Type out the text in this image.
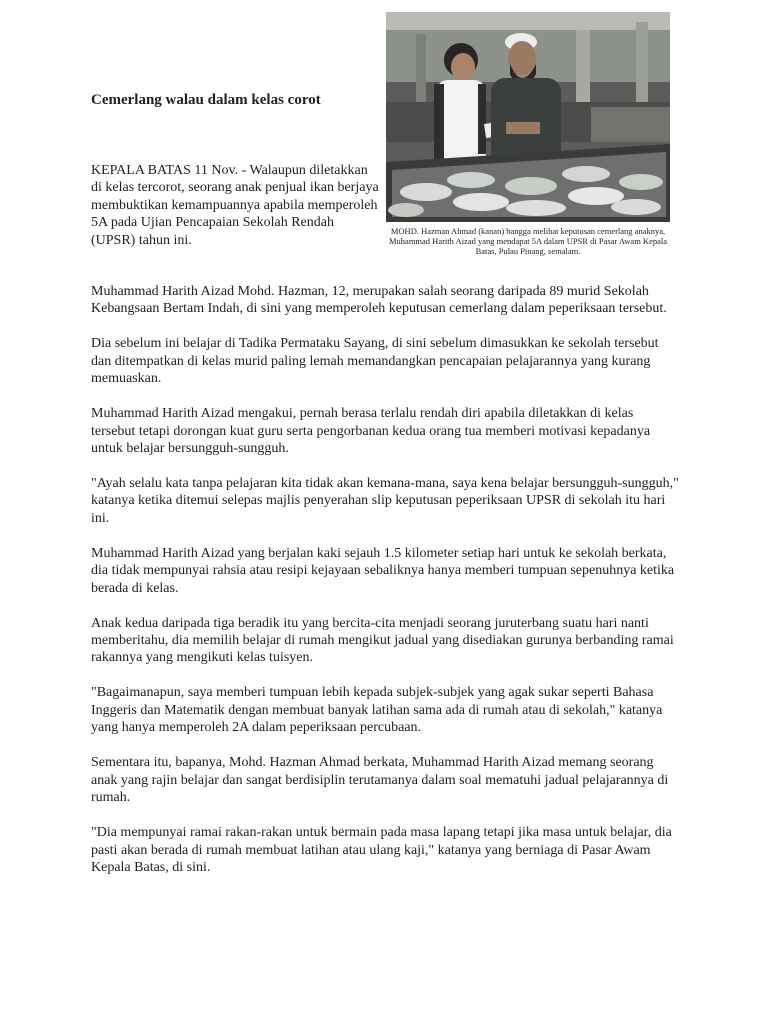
Cemerlang walau dalam kelas corot

MOHD. Hazman Ahmad (kanan) bangga melihat keputusan cemerlang anaknya, Muhammad Harith Aizad yang mendapat 5A dalam UPSR di Pasar Awam Kepala Batas, Pulau Pinang, semalam.

KEPALA BATAS 11 Nov. - Walaupun diletakkan di kelas tercorot, seorang anak penjual ikan berjaya membuktikan kemampuannya apabila memperoleh 5A pada Ujian Pencapaian Sekolah Rendah (UPSR) tahun ini.

Muhammad Harith Aizad Mohd. Hazman, 12, merupakan salah seorang daripada 89 murid Sekolah Kebangsaan Bertam Indah, di sini yang memperoleh keputusan cemerlang dalam peperiksaan tersebut.

Dia sebelum ini belajar di Tadika Permataku Sayang, di sini sebelum dimasukkan ke sekolah tersebut dan ditempatkan di kelas murid paling lemah memandangkan pencapaian pelajarannya yang kurang memuaskan.

Muhammad Harith Aizad mengakui, pernah berasa terlalu rendah diri apabila diletakkan di kelas tersebut tetapi dorongan kuat guru serta pengorbanan kedua orang tua memberi motivasi kepadanya untuk belajar bersungguh-sungguh.

"Ayah selalu kata tanpa pelajaran kita tidak akan kemana-mana, saya kena belajar bersungguh-sungguh," katanya ketika ditemui selepas majlis penyerahan slip keputusan peperiksaan UPSR di sekolah itu hari ini.

Muhammad Harith Aizad yang berjalan kaki sejauh 1.5 kilometer setiap hari untuk ke sekolah berkata, dia tidak mempunyai rahsia atau resipi kejayaan sebaliknya hanya memberi tumpuan sepenuhnya ketika berada di kelas.

Anak kedua daripada tiga beradik itu yang bercita-cita menjadi seorang juruterbang suatu hari nanti memberitahu, dia memilih belajar di rumah mengikut jadual yang disediakan gurunya berbanding ramai rakannya yang mengikuti kelas tuisyen.

"Bagaimanapun, saya memberi tumpuan lebih kepada subjek-subjek yang agak sukar seperti Bahasa Inggeris dan Matematik dengan membuat banyak latihan sama ada di rumah atau di sekolah," katanya yang hanya memperoleh 2A dalam peperiksaan percubaan.

Sementara itu, bapanya, Mohd. Hazman Ahmad berkata, Muhammad Harith Aizad memang seorang anak yang rajin belajar dan sangat berdisiplin terutamanya dalam soal mematuhi jadual pelajarannya di rumah.

"Dia mempunyai ramai rakan-rakan untuk bermain pada masa lapang tetapi jika masa untuk belajar, dia pasti akan berada di rumah membuat latihan atau ulang kaji," katanya yang berniaga di Pasar Awam Kepala Batas, di sini.
